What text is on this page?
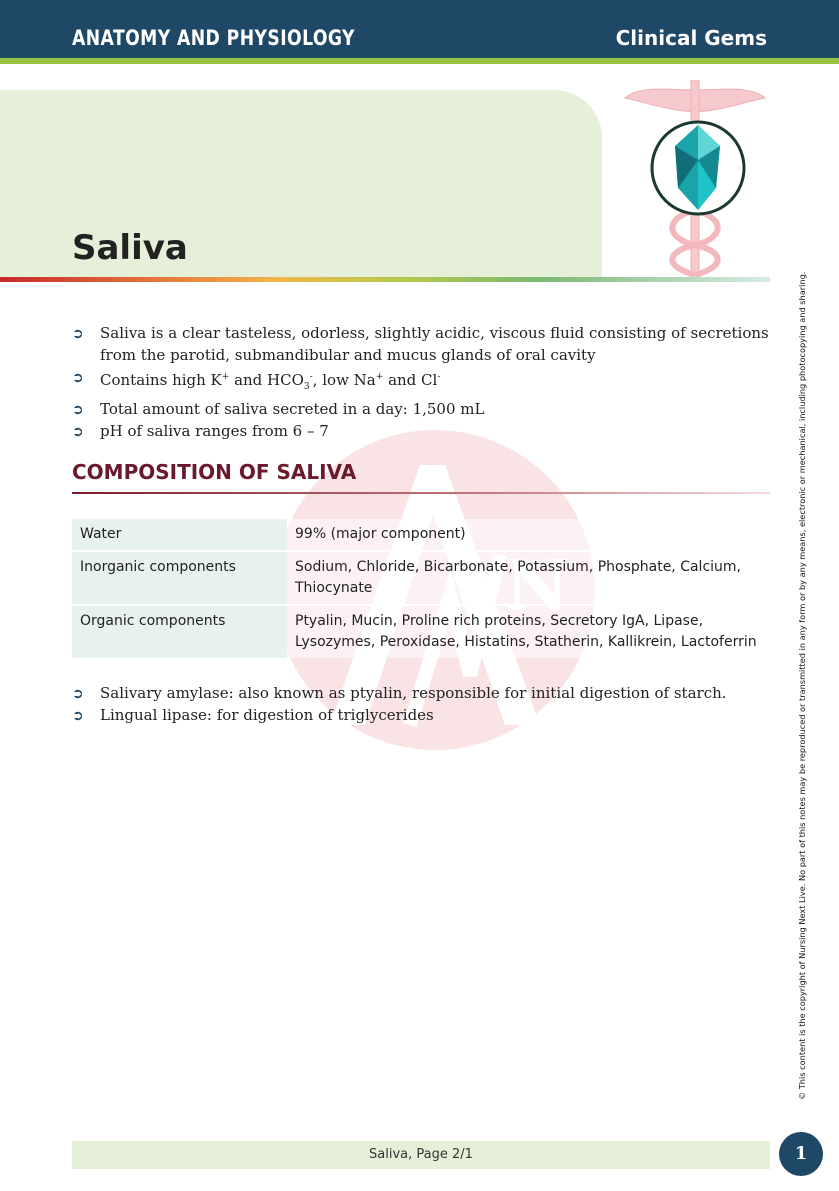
ANATOMY AND PHYSIOLOGY	Clinical Gems
Saliva
➲ Saliva is a clear tasteless, odorless, slightly acidic, viscous fluid consisting of secretions from the parotid, submandibular and mucus glands of oral cavity
➲ Contains high K+ and $HCO_3^-$, low Na+ and Cl-
➲ Total amount of saliva secreted in a day: 1,500 mL
➲ pH of saliva ranges from 6 – 7
COMPOSITION OF SALIVA
Water	99% (major component)
Inorganic components	Sodium, Chloride, Bicarbonate, Potassium, Phosphate, Calcium, Thiocynate
Organic components	Ptyalin, Mucin, Proline rich proteins, Secretory IgA, Lipase, Lysozymes, Peroxidase, Histatins, Statherin, Kallikrein, Lactoferrin
➲ Salivary amylase: also known as ptyalin, responsible for initial digestion of starch.
➲ Lingual lipase: for digestion of triglycerides	© This content is the copyright of Nursing Next Live. No part of this notes may be reproduced or transmitted in any form or by any means, electronic or mechanical, including photocopying and sharing.
Saliva, Page 2/1	1
